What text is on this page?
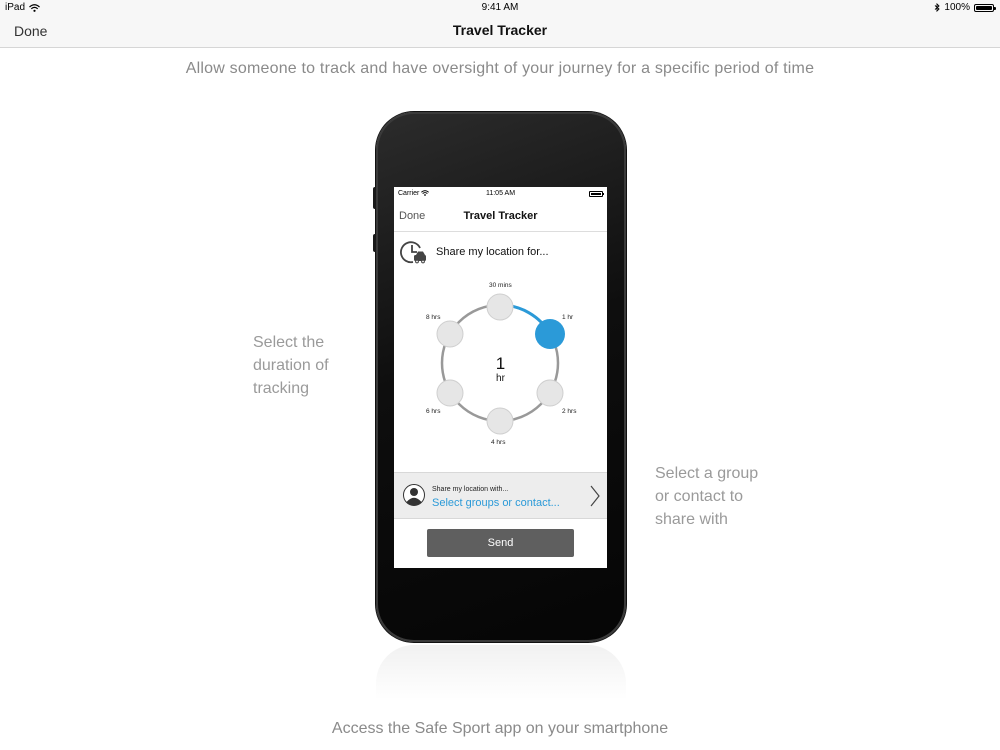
iPad	9:41 AM	100%
Done	Travel Tracker
Allow someone to track and have oversight of your journey for a specific period of time
Select the
duration of
tracking
Select a group
or contact to
share with
Carrier	11:05 AM
Done	Travel Tracker
Share my location for...
30 mins
1 hr
2 hrs
4 hrs
6 hrs
8 hrs
1
hr
Share my location with...
Select groups or contact...
Send
Access the Safe Sport app on your smartphone
